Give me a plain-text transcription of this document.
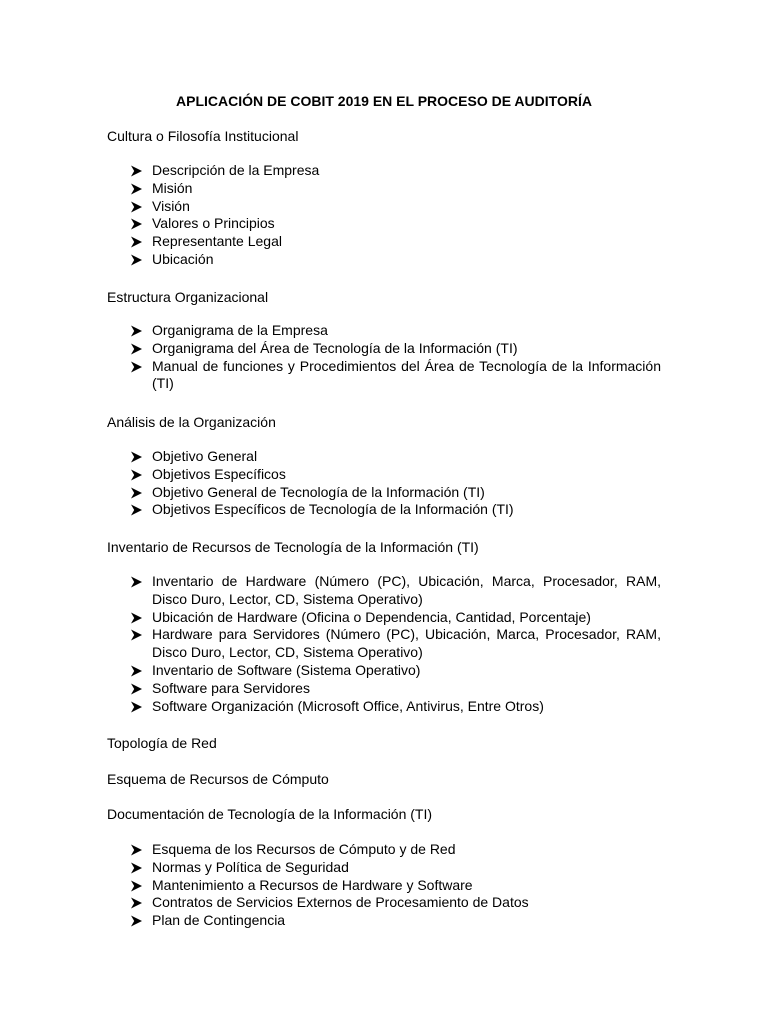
APLICACIÓN DE COBIT 2019 EN EL PROCESO DE AUDITORÍA
Cultura o Filosofía Institucional
Descripción de la Empresa
Misión
Visión
Valores o Principios
Representante Legal
Ubicación
Estructura Organizacional
Organigrama de la Empresa
Organigrama del Área de Tecnología de la Información (TI)
Manual de funciones y Procedimientos del Área de Tecnología de la Información (TI)
Análisis de la Organización
Objetivo General
Objetivos Específicos
Objetivo General de Tecnología de la Información (TI)
Objetivos Específicos de Tecnología de la Información (TI)
Inventario de Recursos de Tecnología de la Información (TI)
Inventario de Hardware (Número (PC), Ubicación, Marca, Procesador, RAM, Disco Duro, Lector, CD, Sistema Operativo)
Ubicación de Hardware (Oficina o Dependencia, Cantidad, Porcentaje)
Hardware para Servidores (Número (PC), Ubicación, Marca, Procesador, RAM, Disco Duro, Lector, CD, Sistema Operativo)
Inventario de Software (Sistema Operativo)
Software para Servidores
Software Organización (Microsoft Office, Antivirus, Entre Otros)
Topología de Red
Esquema de Recursos de Cómputo
Documentación de Tecnología de la Información (TI)
Esquema de los Recursos de Cómputo y de Red
Normas y Política de Seguridad
Mantenimiento a Recursos de Hardware y Software
Contratos de Servicios Externos de Procesamiento de Datos
Plan de Contingencia
